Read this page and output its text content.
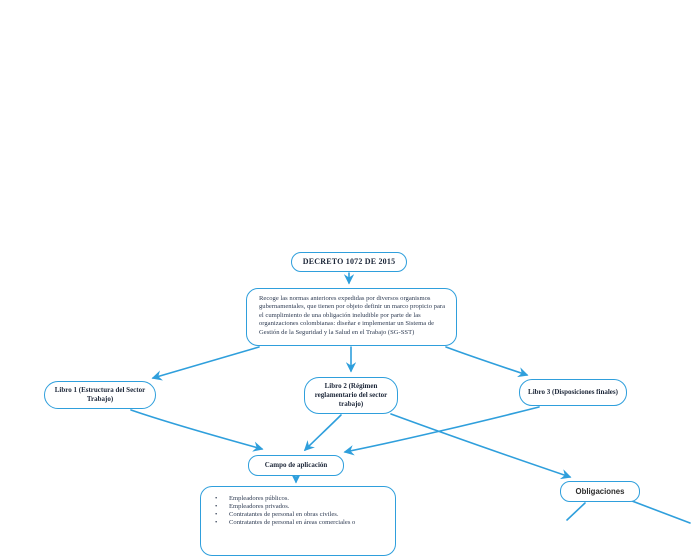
DECRETO 1072 DE 2015
Recoge las normas anteriores expedidas por diversos organismos gubernamentales, que tienen por objeto definir un marco propicio para el cumplimiento de una obligación ineludible por parte de las organizaciones colombianas: diseñar e implementar un Sistema de Gestión de la Seguridad y la Salud en el Trabajo (SG-SST)
Libro 1 (Estructura del Sector Trabajo)
Libro 2 (Régimen reglamentario del sector trabajo)
Libro 3 (Disposiciones finales)
Campo de aplicación
Obligaciones
• Empleadores públicos.
• Empleadores privados.
• Contratantes de personal en obras civiles.
• Contratantes de personal en áreas comerciales o
